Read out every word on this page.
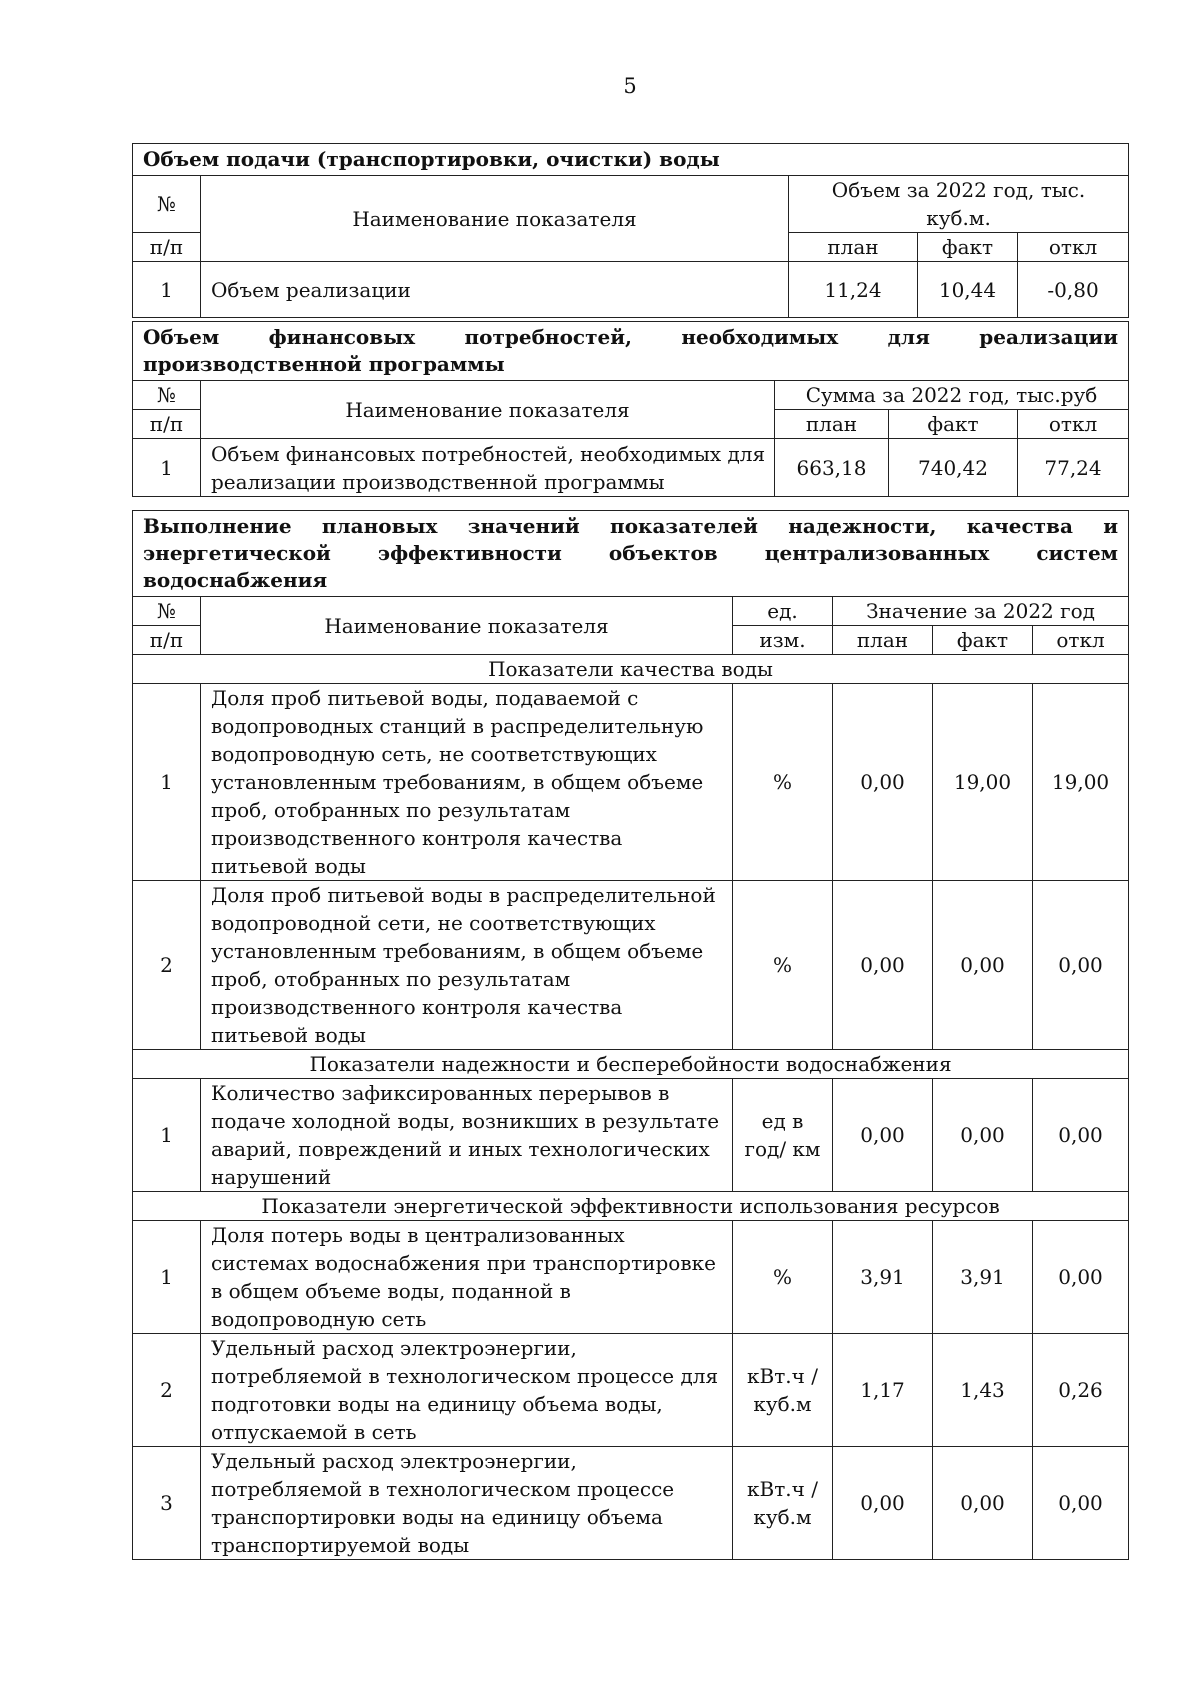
5
Объем подачи (транспортировки, очистки) воды				
№	Наименование показателя	Объем за 2022 год, тыс. куб.м.		
п/п		план	факт	откл
1	Объем реализации	11,24	10,44	-0,80
Объем финансовых потребностей, необходимых для реализации производственной программы				
№	Наименование показателя	Сумма за 2022 год, тыс.руб		
п/п		план	факт	откл
1	Объем финансовых потребностей, необходимых для реализации производственной программы	663,18	740,42	77,24
Выполнение плановых значений показателей надежности, качества и энергетической эффективности объектов централизованных систем водоснабжения					
№	Наименование показателя	ед.	Значение за 2022 год		
п/п		изм.	план	факт	откл
Показатели качества воды					
1	Доля проб питьевой воды, подаваемой с водопроводных станций в распределительную водопроводную сеть, не соответствующих установленным требованиям, в общем объеме проб, отобранных по результатам производственного контроля качества питьевой воды	%	0,00	19,00	19,00
2	Доля проб питьевой воды в распределительной водопроводной сети, не соответствующих установленным требованиям, в общем объеме проб, отобранных по результатам производственного контроля качества питьевой воды	%	0,00	0,00	0,00
Показатели надежности и бесперебойности водоснабжения					
1	Количество зафиксированных перерывов в подаче холодной воды, возникших в результате аварий, повреждений и иных технологических нарушений	ед в год/ км	0,00	0,00	0,00
Показатели энергетической эффективности использования ресурсов					
1	Доля потерь воды в централизованных системах водоснабжения при транспортировке в общем объеме воды, поданной в водопроводную сеть	%	3,91	3,91	0,00
2	Удельный расход электроэнергии, потребляемой в технологическом процессе для подготовки воды на единицу объема воды, отпускаемой в сеть	кВт.ч / куб.м	1,17	1,43	0,26
3	Удельный расход электроэнергии, потребляемой в технологическом процессе транспортировки воды на единицу объема транспортируемой воды	кВт.ч / куб.м	0,00	0,00	0,00
